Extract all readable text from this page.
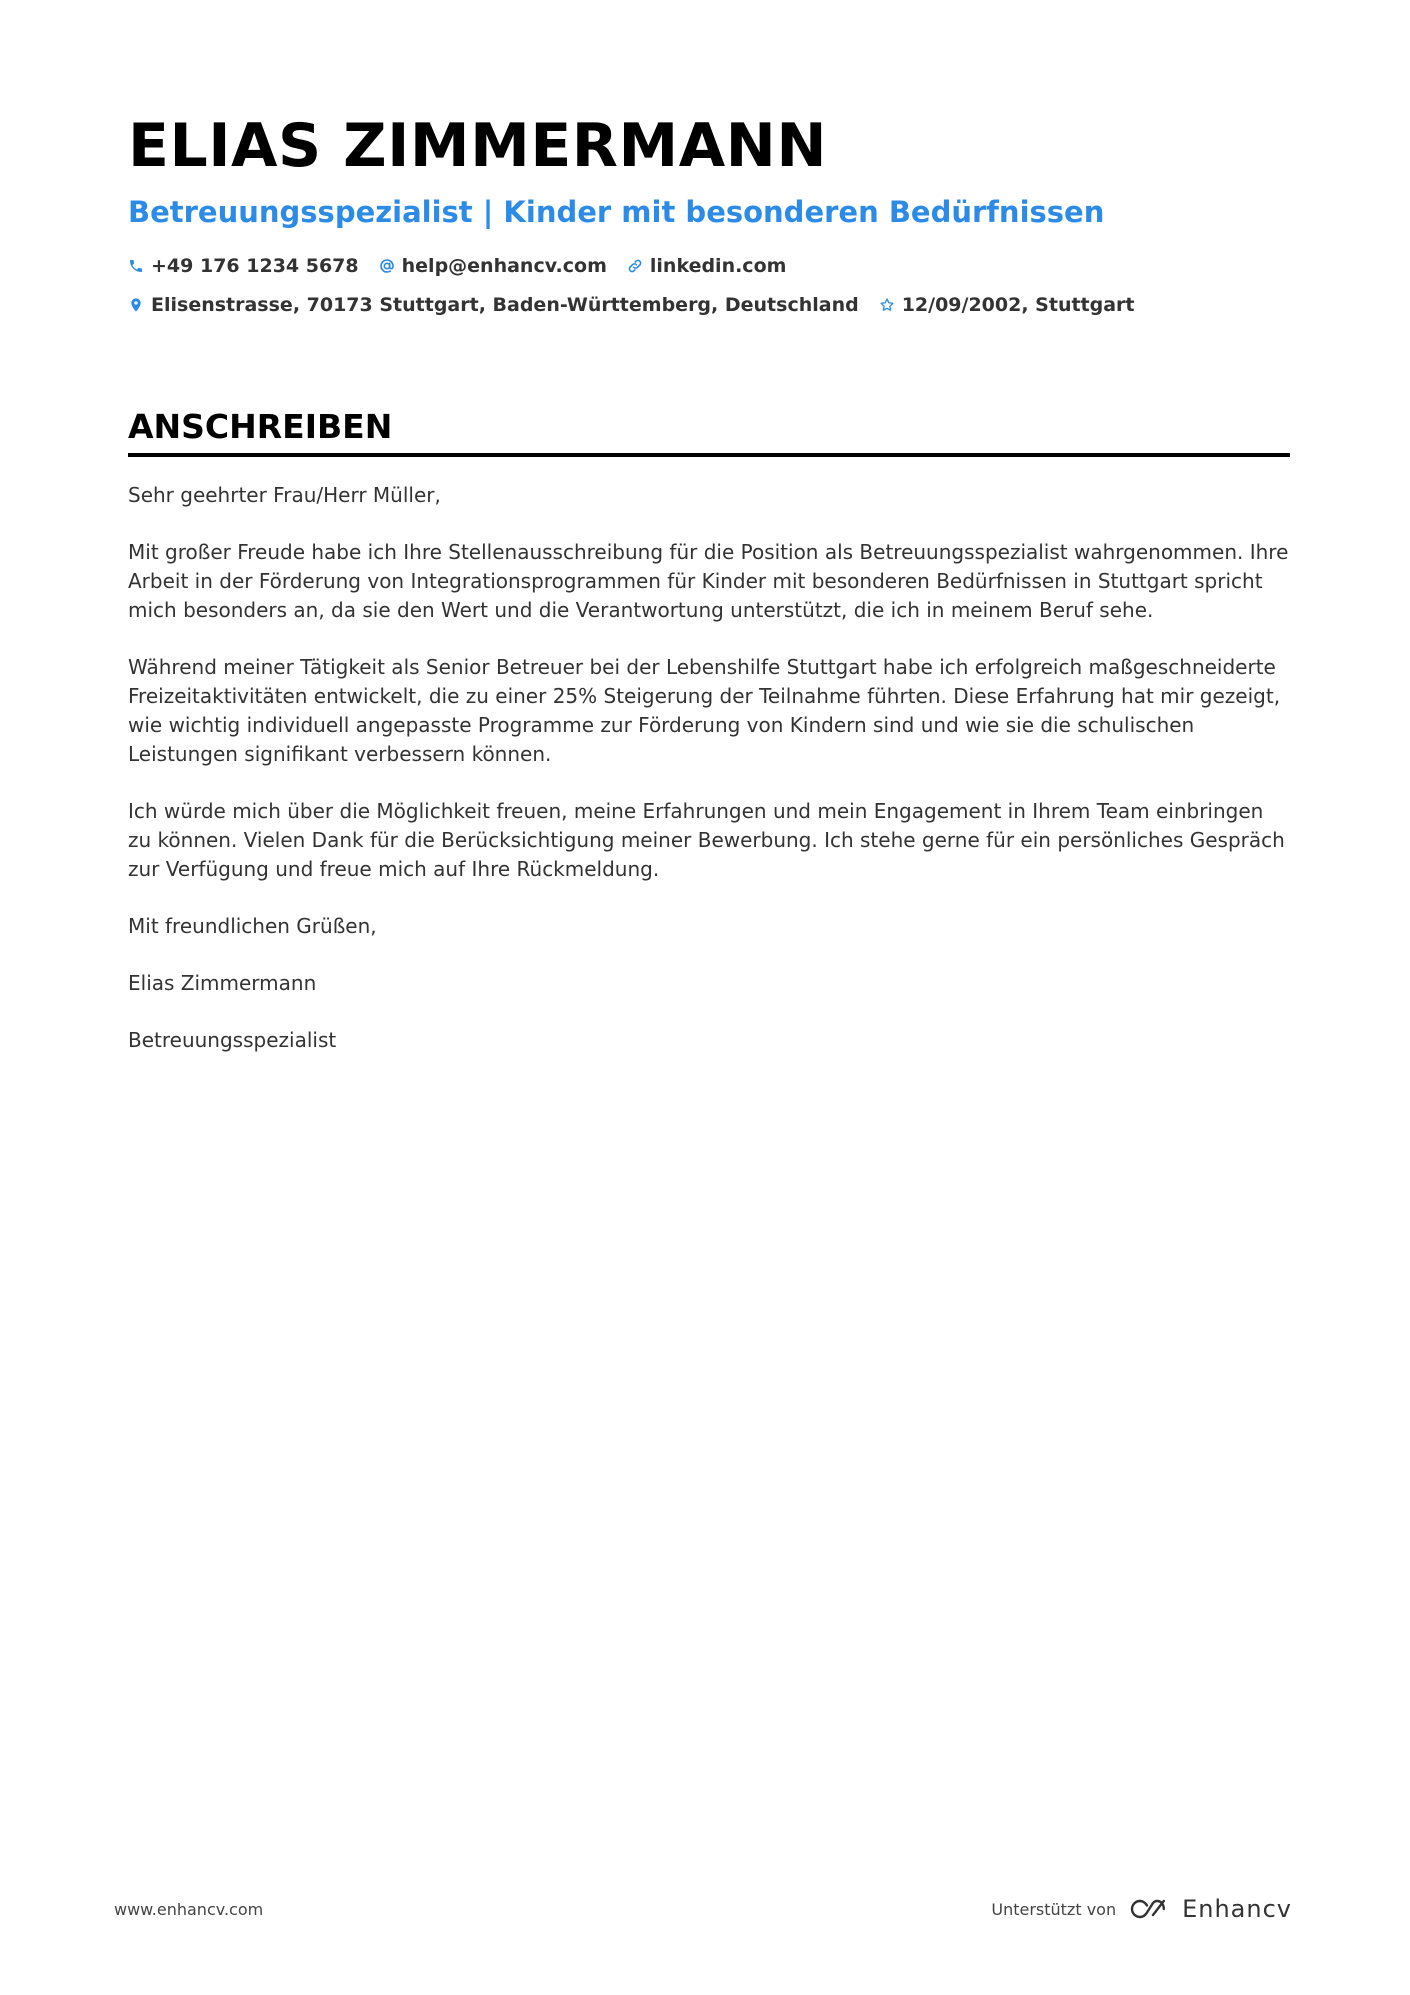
ELIAS ZIMMERMANN
Betreuungsspezialist | Kinder mit besonderen Bedürfnissen
+49 176 1234 5678 help@enhancv.com linkedin.com
Elisenstrasse, 70173 Stuttgart, Baden-Württemberg, Deutschland 12/09/2002, Stuttgart
ANSCHREIBEN

Sehr geehrter Frau/Herr Müller,

Mit großer Freude habe ich Ihre Stellenausschreibung für die Position als Betreuungsspezialist wahrgenommen. Ihre Arbeit in der Förderung von Integrationsprogrammen für Kinder mit besonderen Bedürfnissen in Stuttgart spricht mich besonders an, da sie den Wert und die Verantwortung unterstützt, die ich in meinem Beruf sehe.

Während meiner Tätigkeit als Senior Betreuer bei der Lebenshilfe Stuttgart habe ich erfolgreich maßgeschneiderte Freizeitaktivitäten entwickelt, die zu einer 25% Steigerung der Teilnahme führten. Diese Erfahrung hat mir gezeigt, wie wichtig individuell angepasste Programme zur Förderung von Kindern sind und wie sie die schulischen Leistungen signifikant verbessern können.

Ich würde mich über die Möglichkeit freuen, meine Erfahrungen und mein Engagement in Ihrem Team einbringen zu können. Vielen Dank für die Berücksichtigung meiner Bewerbung. Ich stehe gerne für ein persönliches Gespräch zur Verfügung und freue mich auf Ihre Rückmeldung.

Mit freundlichen Grüßen,

Elias Zimmermann

Betreuungsspezialist

www.enhancv.com	Unterstützt von	Enhancv
